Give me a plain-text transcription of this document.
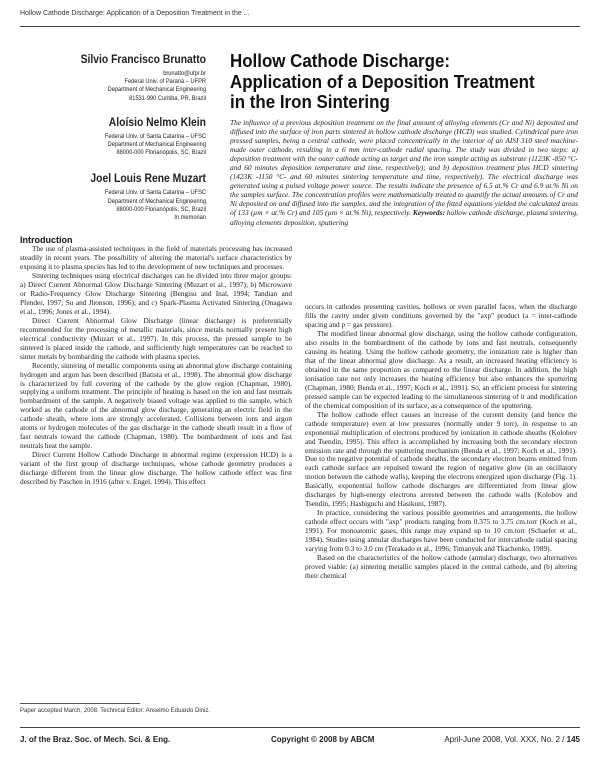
Hollow Cathode Discharge: Application of a Deposition Treatment in the ...
Silvio Francisco Brunatto
brunatto@ufpr.br
Federal Univ. of Paraná – UFPR
Department of Mechanical Engineering
81531-990 Curitiba, PR, Brazil
Aloísio Nelmo Klein
Federal Univ. of Santa Catarina – UFSC
Department of Mechanical Engineering
88000-000 Florianópolis, SC, Brazil
Joel Louis Rene Muzart
Federal Univ. of Santa Catarina – UFSC
Department of Mechanical Engineering
88000-000 Florianópolis, SC, Brazil
In memorian
Hollow Cathode Discharge:
Application of a Deposition Treatment
in the Iron Sintering
The influence of a previous deposition treatment on the final amount of alloying elements (Cr and Ni) deposited and diffused into the surface of iron parts sintered in hollow cathode discharge (HCD) was studied. Cylindrical pure iron pressed samples, being a central cathode, were placed concentrically in the interior of an AISI 310 steel machine-made outer cathode, resulting in a 6 mm inter-cathode radial spacing. The study was divided in two steps: a) deposition treatment with the outer cathode acting as target and the iron sample acting as substrate (1123K -850 °C- and 60 minutes deposition temperature and time, respectively); and b) deposition treatment plus HCD sintering (1423K -1150 °C- and 60 minutes sintering temperature and time, respectively). The electrical discharge was generated using a pulsed voltage power source. The results indicate the presence of 6.5 at.% Cr and 6.9 at.% Ni on the samples surface. The concentration profiles were mathematically treated to quantify the actual amounts of Cr and Ni deposited on and diffused into the samples, and the integration of the fitted equations yielded the calculated areas of 133 (µm × at.% Cr) and 105 (µm × at.% Ni), respectively. Keywords: hollow cathode discharge, plasma sintering, alloying elements deposition, sputtering

Introduction

The use of plasma-assisted techniques in the field of materials processing has increased steadily in recent years. The possibility of altering the material's surface characteristics by exposing it to plasma species has led to the development of new techniques and processes.

Sintering techniques using electrical discharges can be divided into three major groups: a) Direct Current Abnormal Glow Discharge Sintering (Muzart et al., 1997); b) Microwave or Radio-Frequency Glow Discharge Sintering (Bengisu and Inal, 1994; Tandian and Pfender, 1997; Su and Jhonson, 1996); and c) Spark-Plasma Activated Sintering (Onagawa et al., 1996; Jones et al., 1994).

Direct Current Abnormal Glow Discharge (linear discharge) is preferentially recommended for the processing of metallic materials, since metals normally present high electrical conductivity (Muzart et al., 1997). In this process, the pressed sample to be sintered is placed inside the cathode, and sufficiently high temperatures can be reached to sinter metals by bombarding the cathode with plasma species.

Recently, sintering of metallic components using an abnormal glow discharge containing hydrogen and argon has been described (Batista et al., 1998). The abnormal glow discharge is characterized by full covering of the cathode by the glow region (Chapman, 1980), supplying a uniform treatment. The principle of heating is based on the ion and fast neutrals bombardment of the sample. A negatively biased voltage was applied to the sample, which worked as the cathode of the abnormal glow discharge, generating an electric field in the cathode sheath, where ions are strongly accelerated. Collisions between ions and argon atoms or hydrogen molecules of the gas discharge in the cathode sheath result in a flow of fast neutrals toward the cathode (Chapman, 1980). The bombardment of ions and fast neutrals heat the sample.

Direct Current Hollow Cathode Discharge in abnormal regime (expression HCD) is a variant of the first group of discharge techniques, whose cathode geometry produces a discharge different from the linear glow discharge. The hollow cathode effect was first described by Paschen in 1916 (after v. Engel, 1994). This effect

occurs in cathodes presenting cavities, hollows or even parallel faces, when the discharge fills the cavity under given conditions governed by the "axp" product (a = inter-cathode spacing and p = gas pressure).

The modified linear abnormal glow discharge, using the hollow cathode configuration, also results in the bombardment of the cathode by ions and fast neutrals, consequently causing its heating. Using the hollow cathode geometry, the ionization rate is higher than that of the linear abnormal glow discharge. As a result, an increased heating efficiency is obtained in the same proportion as compared to the linear discharge. In addition, the high ionisation rate not only increases the heating efficiency but also enhances the sputtering (Chapman, 1980; Benda et al., 1997; Koch et al., 1991). So, an efficient process for sintering pressed sample can be expected leading to the simultaneous sintering of it and modification of the chemical composition of its surface, as a consequence of the sputtering.

The hollow cathode effect causes an increase of the current density (and hence the cathode temperature) even at low pressures (normally under 9 torr), in response to an exponential multiplication of electrons produced by ionization in cathode sheaths (Kolobov and Tsendin, 1995). This effect is accomplished by increasing both the secondary electron emission rate and through the sputtering mechanism (Benda et al., 1997; Koch et al., 1991). Due to the negative potential of cathode sheaths, the secondary electron beams emitted from each cathode surface are repulsed toward the region of negative glow (in an oscillatory motion between the cathode walls), keeping the electrons energized upon discharge (Fig. 1). Basically, exponential hollow cathode discharges are differentiated from linear glow discharges by high-energy electrons arrested between the cathode walls (Kolobov and Tsendin, 1995; Hashiguchi and Hasikuni, 1987).

In practice, considering the various possible geometries and arrangements, the hollow cathode effect occurs with "axp" products ranging from 0.375 to 3.75 cm.torr (Koch et al., 1991). For monoatomic gases, this range may expand up to 10 cm.torr (Schaefer et al., 1984). Studies using annular discharges have been conducted for intercathode radial spacing varying from 0.3 to 3.0 cm (Terakado et al., 1996; Timanyuk and Tkachenko, 1989).

Based on the characteristics of the hollow cathode (annular) discharge, two alternatives proved viable: (a) sintering metallic samples placed in the central cathode, and (b) altering their chemical

Paper accepted March, 2008. Technical Editor: Anselmo Eduardo Diniz.
J. of the Braz. Soc. of Mech. Sci. & Eng.	Copyright © 2008 by ABCM	April-June 2008, Vol. XXX, No. 2 / 145
